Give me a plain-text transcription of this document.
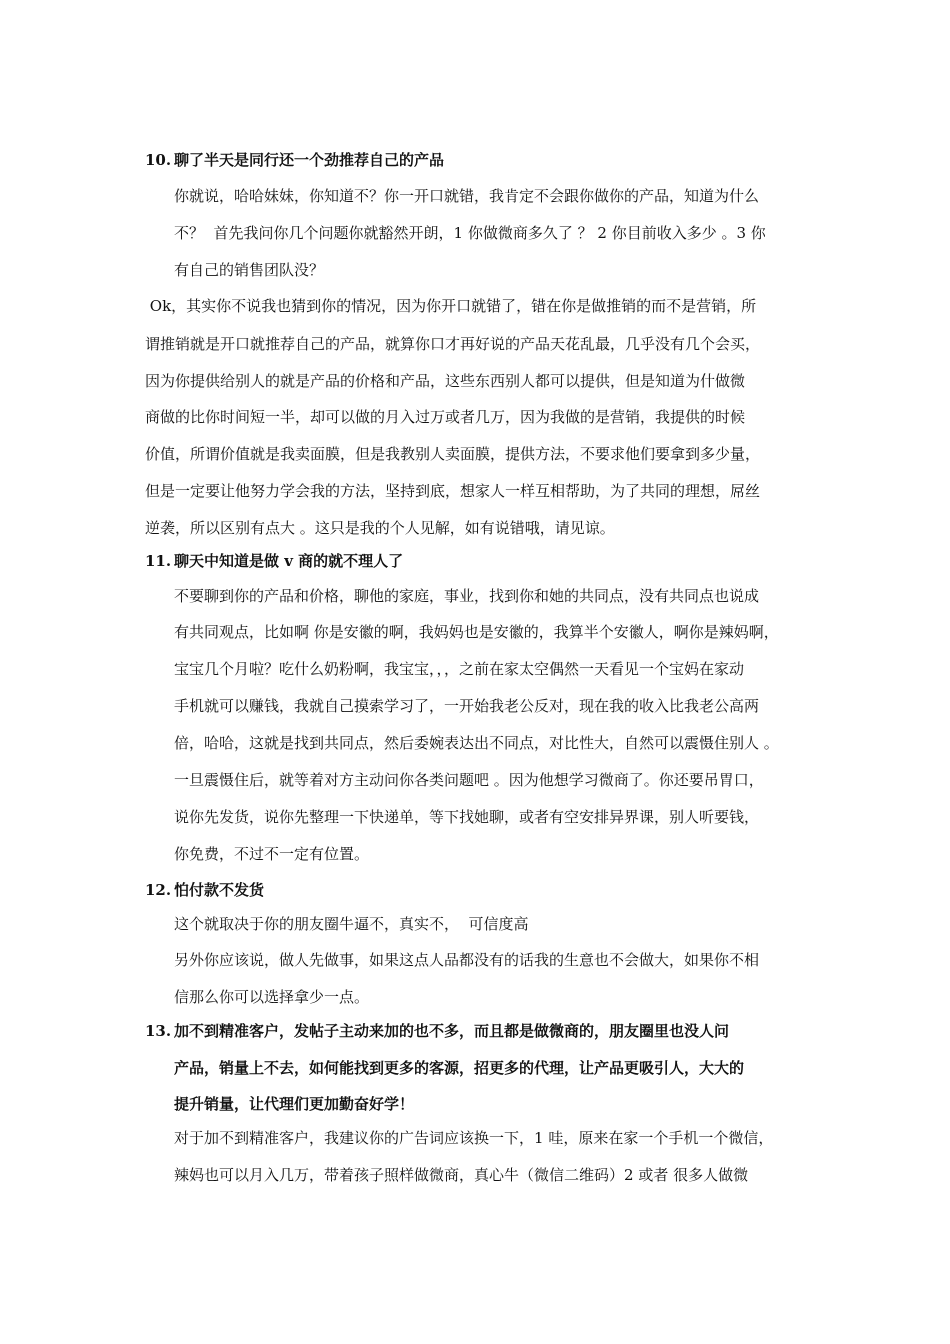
10.

聊了半天是同行还一个劲推荐自己的产品

你就说，哈哈妹妹，你知道不？你一开口就错，我肯定不会跟你做你的产品，知道为什么
不？  首先我问你几个问题你就豁然开朗，1 你做微商多久了 ？ 2 你目前收入多少 。3 你
有自己的销售团队没？
Ok，其实你不说我也猜到你的情况，因为你开口就错了，错在你是做推销的而不是营销，所
谓推销就是开口就推荐自己的产品，就算你口才再好说的产品天花乱最，几乎没有几个会买，
因为你提供给别人的就是产品的价格和产品，这些东西别人都可以提供，但是知道为什做微
商做的比你时间短一半，却可以做的月入过万或者几万，因为我做的是营销，我提供的时候
价值，所谓价值就是我卖面膜，但是我教别人卖面膜，提供方法，不要求他们要拿到多少量，
但是一定要让他努力学会我的方法，坚持到底，想家人一样互相帮助，为了共同的理想，屌丝
逆袭，所以区别有点大 。这只是我的个人见解，如有说错哦，请见谅。

11.

聊天中知道是做 v 商的就不理人了

不要聊到你的产品和价格，聊他的家庭，事业，找到你和她的共同点，没有共同点也说成
有共同观点，比如啊 你是安徽的啊，我妈妈也是安徽的，我算半个安徽人，啊你是辣妈啊，
宝宝几个月啦？吃什么奶粉啊，我宝宝，，，之前在家太空偶然一天看见一个宝妈在家动
手机就可以赚钱，我就自己摸索学习了，一开始我老公反对，现在我的收入比我老公高两
倍，哈哈，这就是找到共同点，然后委婉表达出不同点，对比性大，自然可以震慑住别人 。
一旦震慑住后，就等着对方主动问你各类问题吧 。因为他想学习微商了。你还要吊胃口，
说你先发货，说你先整理一下快递单，等下找她聊，或者有空安排异界课，别人听要钱，
你免费，不过不一定有位置。

12.

怕付款不发货

这个就取决于你的朋友圈牛逼不，真实不，  可信度高
另外你应该说，做人先做事，如果这点人品都没有的话我的生意也不会做大，如果你不相
信那么你可以选择拿少一点。

13.

加不到精准客户，发帖子主动来加的也不多，而且都是做微商的，朋友圈里也没人问

产品，销量上不去，如何能找到更多的客源，招更多的代理，让产品更吸引人，大大的
提升销量，让代理们更加勤奋好学！
对于加不到精准客户，我建议你的广告词应该换一下，1 哇，原来在家一个手机一个微信，
辣妈也可以月入几万，带着孩子照样做微商，真心牛（微信二维码）2 或者 很多人做微
